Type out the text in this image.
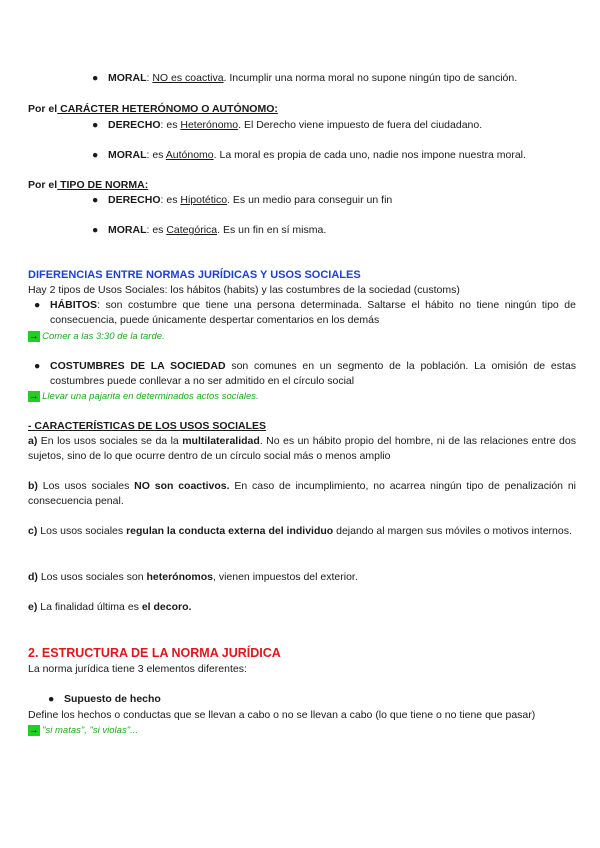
● MORAL: NO es coactiva. Incumplir una norma moral no supone ningún tipo de sanción.
Por el CARÁCTER HETERÓNOMO O AUTÓNOMO:
● DERECHO: es Heterónomo. El Derecho viene impuesto de fuera del ciudadano.
● MORAL: es Autónomo. La moral es propia de cada uno, nadie nos impone nuestra moral.
Por el TIPO DE NORMA:
● DERECHO: es Hipotético. Es un medio para conseguir un fin
● MORAL: es Categórica. Es un fin en sí misma.
DIFERENCIAS ENTRE NORMAS JURÍDICAS Y USOS SOCIALES
Hay 2 tipos de Usos Sociales: los hábitos (habits) y las costumbres de la sociedad (customs)
● HÁBITOS: son costumbre que tiene una persona determinada. Saltarse el hábito no tiene ningún tipo de consecuencia, puede únicamente despertar comentarios en los demás
→ Comer a las 3:30 de la tarde.
● COSTUMBRES DE LA SOCIEDAD son comunes en un segmento de la población. La omisión de estas costumbres puede conllevar a no ser admitido en el círculo social
→ Llevar una pajarita en determinados actos sociales.
- CARACTERÍSTICAS DE LOS USOS SOCIALES
a) En los usos sociales se da la multilateralidad. No es un hábito propio del hombre, ni de las relaciones entre dos sujetos, sino de lo que ocurre dentro de un círculo social más o menos amplio
b) Los usos sociales NO son coactivos. En caso de incumplimiento, no acarrea ningún tipo de penalización ni consecuencia penal.
c) Los usos sociales regulan la conducta externa del individuo dejando al margen sus móviles o motivos internos.
d) Los usos sociales son heterónomos, vienen impuestos del exterior.
e) La finalidad última es el decoro.
2. ESTRUCTURA DE LA NORMA JURÍDICA
La norma jurídica tiene 3 elementos diferentes:
● Supuesto de hecho
Define los hechos o conductas que se llevan a cabo o no se llevan a cabo (lo que tiene o no tiene que pasar)
→ "si matas", "si violas"...
